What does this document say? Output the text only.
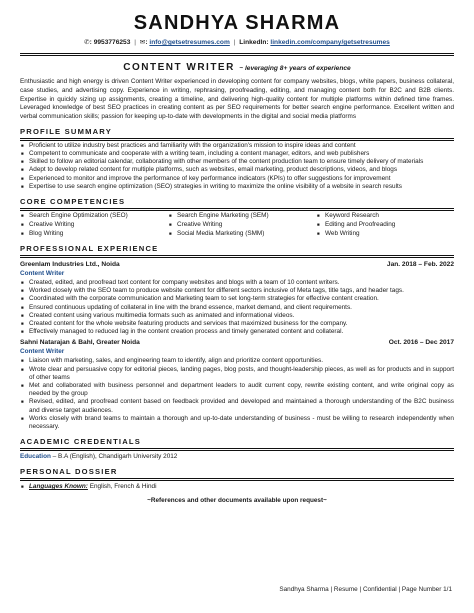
SANDHYA SHARMA
✆: 9953776253 | ✉: info@getsetresumes.com | LinkedIn: linkedin.com/company/getsetresumes
CONTENT WRITER ~ leveraging 8+ years of experience
Enthusiastic and high energy is driven Content Writer experienced in developing content for company websites, blogs, white papers, business collateral, case studies, and advertising copy. Experience in writing, rephrasing, proofreading, editing, and managing content both for B2C and B2B clients. Expertise in quickly sizing up assignments, creating a timeline, and delivering high-quality content for multiple platforms within defined time frames. Leveraged knowledge of best SEO practices in creating content as per SEO requirements for better search engine performance. Excellent written and verbal communication skills; passion for keeping up-to-date with developments in the digital and social media platforms
PROFILE SUMMARY
■ Proficient to utilize industry best practices and familiarity with the organization's mission to inspire ideas and content
■ Competent to communicate and cooperate with a writing team, including a content manager, editors, and web publishers
■ Skilled to follow an editorial calendar, collaborating with other members of the content production team to ensure timely delivery of materials
■ Adept to develop related content for multiple platforms, such as websites, email marketing, product descriptions, videos, and blogs
■ Experienced to monitor and improve the performance of key performance indicators (KPIs) to offer suggestions for improvement
■ Expertise to use search engine optimization (SEO) strategies in writing to maximize the online visibility of a website in search results
CORE COMPETENCIES
■ Search Engine Optimization (SEO)
■ Creative Writing
■ Blog Writing
■ Search Engine Marketing (SEM)
■ Creative Writing
■ Social Media Marketing (SMM)
■ Keyword Research
■ Editing and Proofreading
■ Web Writing
PROFESSIONAL EXPERIENCE
Greenlam Industries Ltd., Noida	Jan. 2018 – Feb. 2022
Content Writer
■ Created, edited, and proofread text content for company websites and blogs with a team of 10 content writers.
■ Worked closely with the SEO team to produce website content for different sectors inclusive of Meta tags, title tags, and header tags.
■ Coordinated with the corporate communication and Marketing team to set long-term strategies for effective content creation.
■ Ensured continuous updating of collateral in line with the brand essence, market demand, and client requirements.
■ Created content using various multimedia formats such as animated and informational videos.
■ Created content for the whole website featuring products and services that maximized business for the company.
■ Effectively managed to reduced lag in the content creation process and timely generated content and collateral.
Sahni Natarajan & Bahl, Greater Noida	Oct. 2016 – Dec 2017
Content Writer
■ Liaison with marketing, sales, and engineering team to identify, align and prioritize content opportunities.
■ Wrote clear and persuasive copy for editorial pieces, landing pages, blog posts, and thought-leadership pieces, as well as for products and in support of other teams
■ Met and collaborated with business personnel and department leaders to audit current copy, rewrite existing content, and write original copy as needed by the group
■ Revised, edited, and proofread content based on feedback provided and developed and maintained a thorough understanding of the B2C business and diverse target audiences.
■ Works closely with brand teams to maintain a thorough and up-to-date understanding of business - must be willing to research independently when necessary.
ACADEMIC CREDENTIALS
Education – B.A (English), Chandigarh University 2012
PERSONAL DOSSIER
■ Languages Known: English, French & Hindi
~References and other documents available upon request~
Sandhya Sharma | Resume | Confidential | Page Number 1/1
